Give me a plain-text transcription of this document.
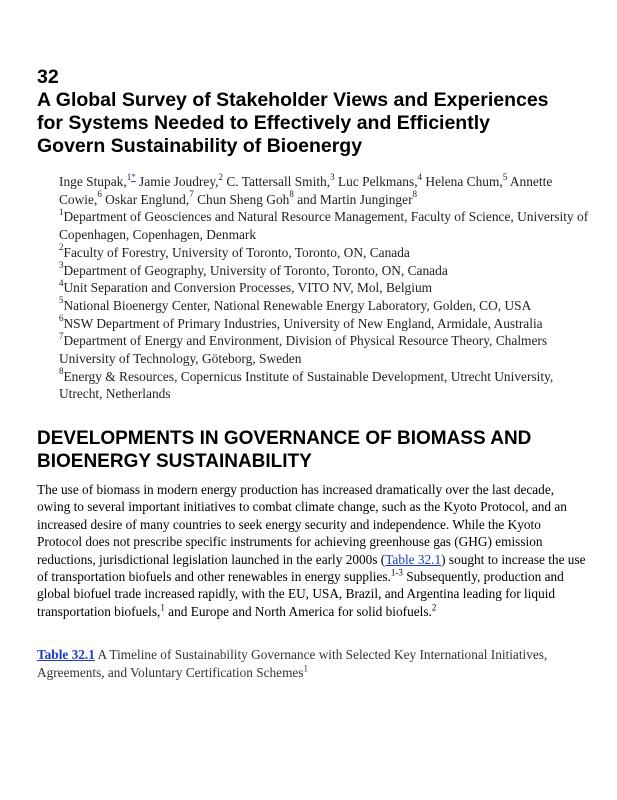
32
A Global Survey of Stakeholder Views and Experiences
for Systems Needed to Effectively and Efficiently
Govern Sustainability of Bioenergy

Inge Stupak,$^{1*}$ Jamie Joudrey,$^2$ C. Tattersall Smith,$^3$ Luc Pelkmans,$^4$ Helena Chum,$^5$ Annette Cowie,$^6$ Oskar Englund,$^7$ Chun Sheng Goh$^8$ and Martin Junginger$^8$

$^1$Department of Geosciences and Natural Resource Management, Faculty of Science, University of Copenhagen, Copenhagen, Denmark

$^2$Faculty of Forestry, University of Toronto, Toronto, ON, Canada

$^3$Department of Geography, University of Toronto, Toronto, ON, Canada

$^4$Unit Separation and Conversion Processes, VITO NV, Mol, Belgium

$^5$National Bioenergy Center, National Renewable Energy Laboratory, Golden, CO, USA

$^6$NSW Department of Primary Industries, University of New England, Armidale, Australia

$^7$Department of Energy and Environment, Division of Physical Resource Theory, Chalmers University of Technology, Göteborg, Sweden

$^8$Energy & Resources, Copernicus Institute of Sustainable Development, Utrecht University, Utrecht, Netherlands

DEVELOPMENTS IN GOVERNANCE OF BIOMASS AND
BIOENERGY SUSTAINABILITY

The use of biomass in modern energy production has increased dramatically over the last decade, owing to several important initiatives to combat climate change, such as the Kyoto Protocol, and an increased desire of many countries to seek energy security and independence. While the Kyoto Protocol does not prescribe specific instruments for achieving greenhouse gas (GHG) emission reductions, jurisdictional legislation launched in the early 2000s (Table 32.1) sought to increase the use of transportation biofuels and other renewables in energy supplies.$^{1-3}$ Subsequently, production and global biofuel trade increased rapidly, with the EU, USA, Brazil, and Argentina leading for liquid transportation biofuels,$^1$ and Europe and North America for solid biofuels.$^2$

Table 32.1 A Timeline of Sustainability Governance with Selected Key International Initiatives, Agreements, and Voluntary Certification Schemes$^1$
